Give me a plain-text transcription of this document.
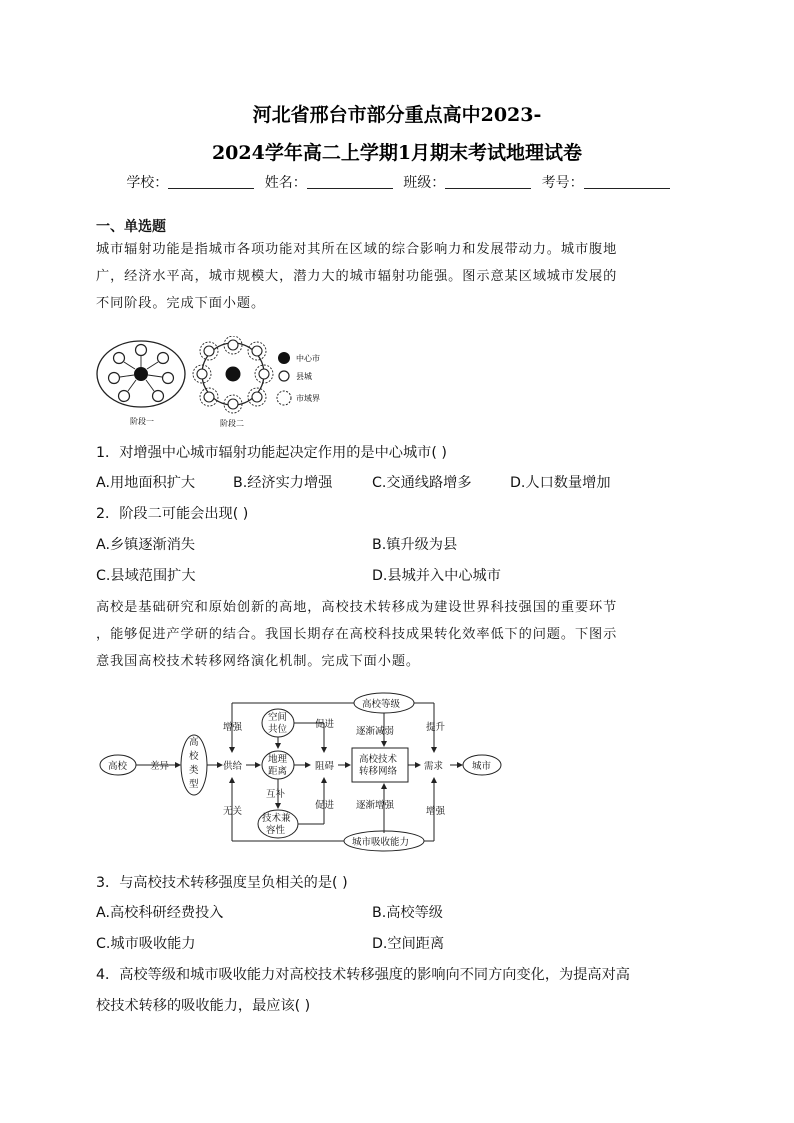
河北省邢台市部分重点高中2023-
2024学年高二上学期1月期末考试地理试卷
学校：	姓名：	班级：	考号：
一、单选题
城市辐射功能是指城市各项功能对其所在区域的综合影响力和发展带动力。城市腹地
广，经济水平高，城市规模大，潜力大的城市辐射功能强。图示意某区域城市发展的
不同阶段。完成下面小题。
阶段一	阶段二
中心市
县城
市域界
1．对增强中心城市辐射功能起决定作用的是中心城市( )
A.用地面积扩大	B.经济实力增强	C.交通线路增多	D.人口数量增加
2．阶段二可能会出现( )
A.乡镇逐渐消失	B.镇升级为县
C.县域范围扩大	D.县城并入中心城市
高校是基础研究和原始创新的高地，高校技术转移成为建设世界科技强国的重要环节
，能够促进产学研的结合。我国长期存在高校科技成果转化效率低下的问题。下图示
意我国高校技术转移网络演化机制。完成下面小题。
高校 差异
高
校
类
型
供给
增强
无关
空间
共位
地理
距离
互补
技术兼
容性
促进
促进
阻碍
高校技术
转移网络
逐渐减弱
逐渐增强
高校等级
城市吸收能力
提升
增强
需求	城市
3．与高校技术转移强度呈负相关的是( )
A.高校科研经费投入	B.高校等级
C.城市吸收能力	D.空间距离
4．高校等级和城市吸收能力对高校技术转移强度的影响向不同方向变化，为提高对高
校技术转移的吸收能力，最应该( )
